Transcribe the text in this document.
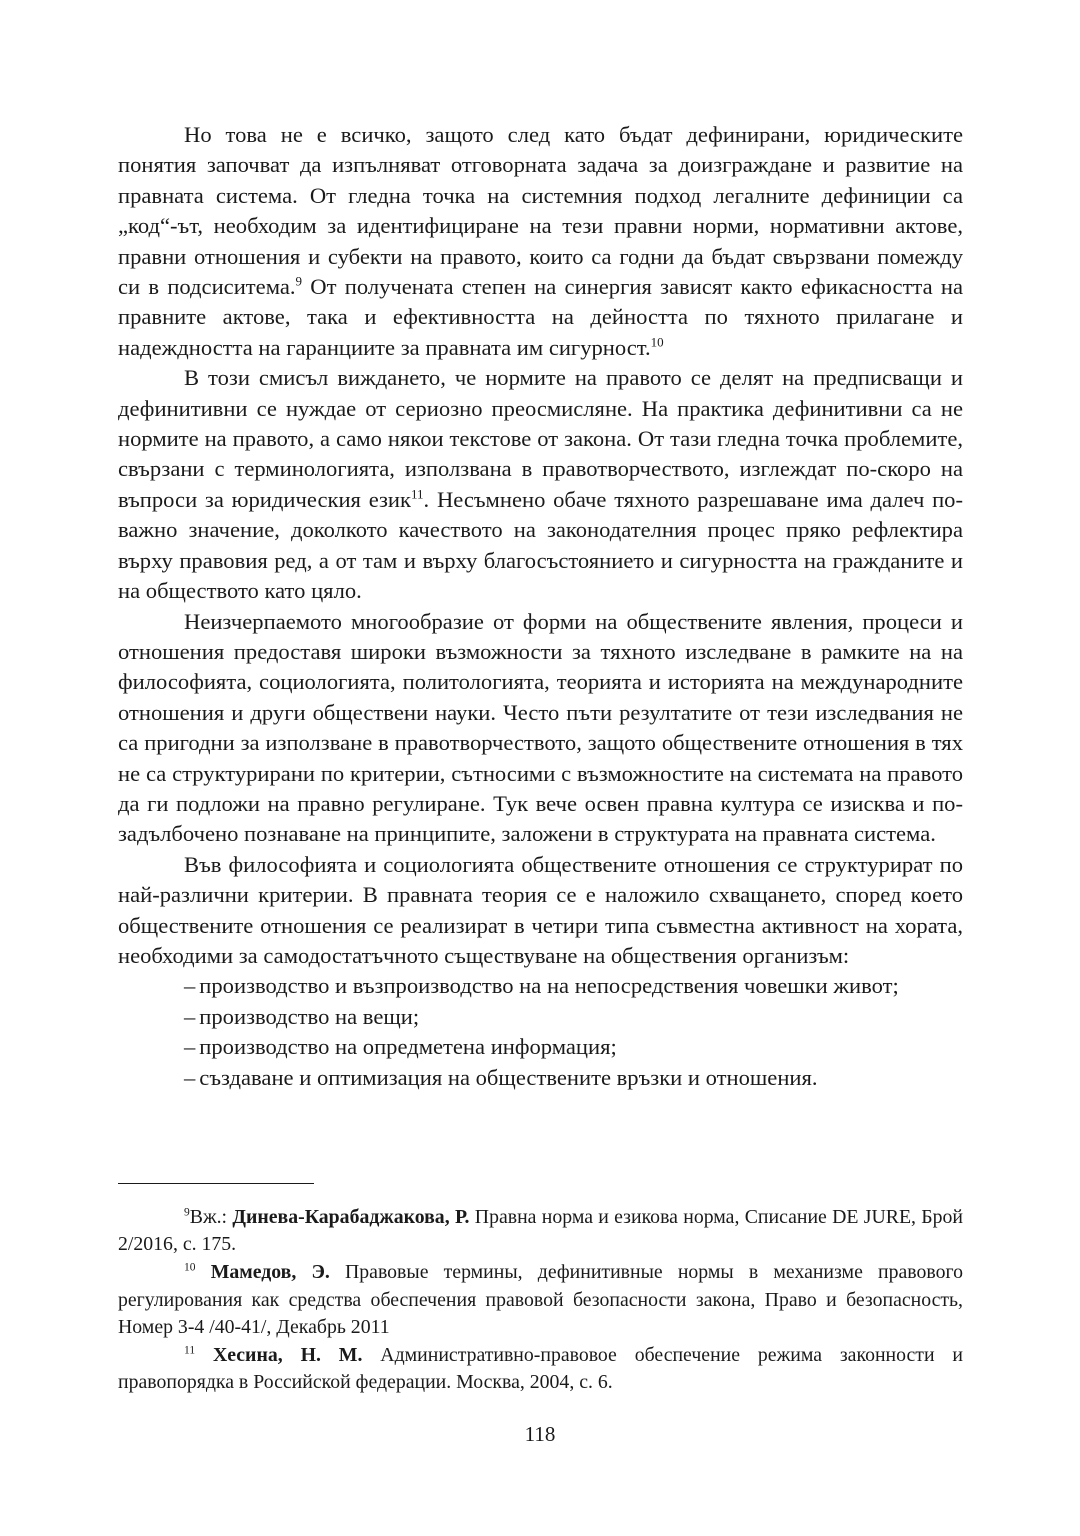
Но това не е всичко, защото след като бъдат дефинирани, юридическите понятия започват да изпълняват отговорната задача за доизграждане и развитие на правната система. От гледна точка на системния подход легалните дефиниции са „код“-ът, необходим за идентифициране на тези правни норми, нормативни актове, правни отношения и субекти на правото, които са годни да бъдат свързвани помежду си в подсиситема.$^9$ От получената степен на синергия зависят както ефикасността на правните актове, така и ефективността на дейността по тяхното прилагане и надеждността на гаранциите за правната им сигурност.$^{10}$

В този смисъл виждането, че нормите на правото се делят на предписващи и дефинитивни се нуждае от сериозно преосмисляне. На практика дефинитивни са не нормите на правото, а само някои текстове от закона. От тази гледна точка проблемите, свързани с терминологията, използвана в правотворчеството, изглеждат по-скоро на въпроси за юридическия език$^{11}$. Несъмнено обаче тяхното разрешаване има далеч по-важно значение, доколкото качеството на законодателния процес пряко рефлектира върху правовия ред, а от там и върху благосъстоянието и сигурността на гражданите и на обществото като цяло.

Неизчерпаемото многообразие от форми на обществените явления, процеси и отношения предоставя широки възможности за тяхното изследване в рамките на на философията, социологията, политологията, теорията и историята на международните отношения и други обществени науки. Често пъти резултатите от тези изследвания не са пригодни за използване в правотворчеството, защото обществените отношения в тях не са структурирани по критерии, сътносими с възможностите на системата на правото да ги подложи на правно регулиране. Тук вече освен правна култура се изисква и по-задълбочено познаване на принципите, заложени в структурата на правната система.

Във философията и социологията обществените отношения се структурират по най-различни критерии. В правната теория се е наложило схващането, според което обществените отношения се реализират в четири типа съвместна активност на хората, необходими за самодостатъчното съществуване на обществения организъм:

– производство и възпроизводство на на непосредствения човешки живот;
– производство на вещи;
– производство на опредметена информация;
– създаване и оптимизация на обществените връзки и отношения.

$^9$Вж.: Динева-Карабаджакова, Р. Правна норма и езикова норма, Списание DE JURE, Брой 2/2016, с. 175.

$^{10}$ Мамедов, Э. Правовые термины, дефинитивные нормы в механизме правового регулирования как средства обеспечения правовой безопасности закона, Право и безопасность, Номер 3-4 /40-41/, Декабрь 2011

$^{11}$ Хесина, Н. М. Административно-правовое обеспечение режима законности и правопорядка в Российской федерации. Москва, 2004, с. 6.

118
